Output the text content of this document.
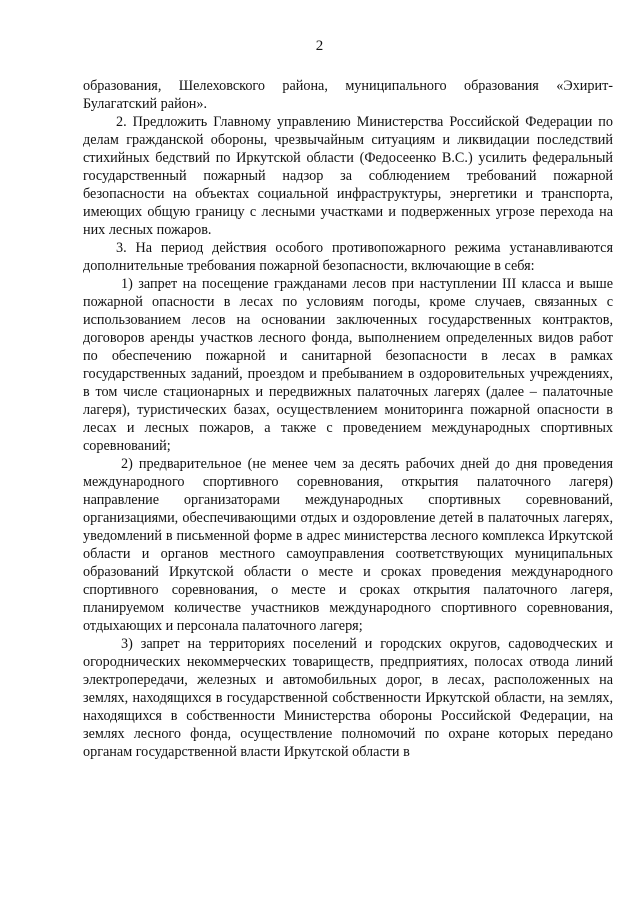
2

образования, Шелеховского района, муниципального образования «Эхирит-Булагатский район».

2. Предложить Главному управлению Министерства Российской Федерации по делам гражданской обороны, чрезвычайным ситуациям и ликвидации последствий стихийных бедствий по Иркутской области (Федосеенко В.С.) усилить федеральный государственный пожарный надзор за соблюдением требований пожарной безопасности на объектах социальной инфраструктуры, энергетики и транспорта, имеющих общую границу с лесными участками и подверженных угрозе перехода на них лесных пожаров.

3. На период действия особого противопожарного режима устанавливаются дополнительные требования пожарной безопасности, включающие в себя:

1) запрет на посещение гражданами лесов при наступлении III класса и выше пожарной опасности в лесах по условиям погоды, кроме случаев, связанных с использованием лесов на основании заключенных государственных контрактов, договоров аренды участков лесного фонда, выполнением определенных видов работ по обеспечению пожарной и санитарной безопасности в лесах в рамках государственных заданий, проездом и пребыванием в оздоровительных учреждениях, в том числе стационарных и передвижных палаточных лагерях (далее – палаточные лагеря), туристических базах, осуществлением мониторинга пожарной опасности в лесах и лесных пожаров, а также с проведением международных спортивных соревнований;

2) предварительное (не менее чем за десять рабочих дней до дня проведения международного спортивного соревнования, открытия палаточного лагеря) направление организаторами международных спортивных соревнований, организациями, обеспечивающими отдых и оздоровление детей в палаточных лагерях, уведомлений в письменной форме в адрес министерства лесного комплекса Иркутской области и органов местного самоуправления соответствующих муниципальных образований Иркутской области о месте и сроках проведения международного спортивного соревнования, о месте и сроках открытия палаточного лагеря, планируемом количестве участников международного спортивного соревнования, отдыхающих и персонала палаточного лагеря;

3) запрет на территориях поселений и городских округов, садоводческих и огороднических некоммерческих товариществ, предприятиях, полосах отвода линий электропередачи, железных и автомобильных дорог, в лесах, расположенных на землях, находящихся в государственной собственности Иркутской области, на землях, находящихся в собственности Министерства обороны Российской Федерации, на землях лесного фонда, осуществление полномочий по охране которых передано органам государственной власти Иркутской области в
